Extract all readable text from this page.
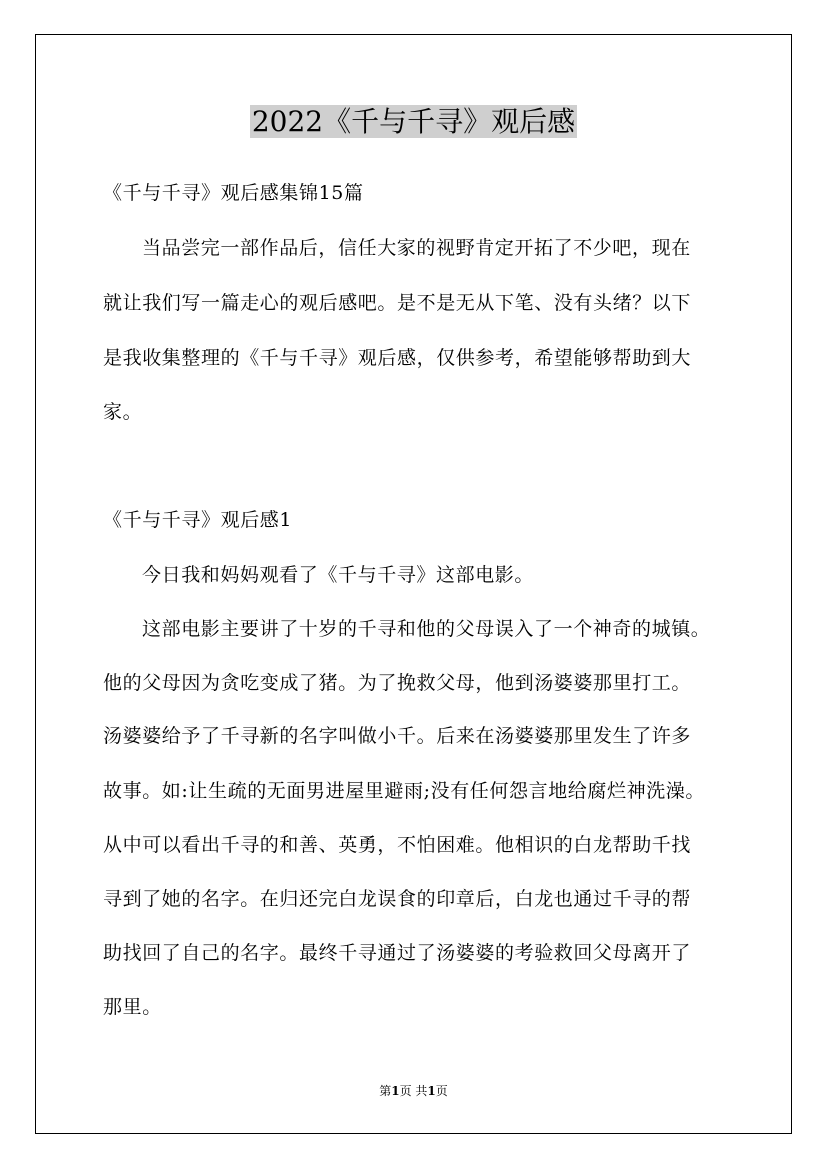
2022《千与千寻》观后感
《千与千寻》观后感集锦15篇
当品尝完一部作品后，信任大家的视野肯定开拓了不少吧，现在
就让我们写一篇走心的观后感吧。是不是无从下笔、没有头绪？以下
是我收集整理的《千与千寻》观后感，仅供参考，希望能够帮助到大
家。
《千与千寻》观后感1
今日我和妈妈观看了《千与千寻》这部电影。
这部电影主要讲了十岁的千寻和他的父母误入了一个神奇的城镇。
他的父母因为贪吃变成了猪。为了挽救父母，他到汤婆婆那里打工。
汤婆婆给予了千寻新的名字叫做小千。后来在汤婆婆那里发生了许多
故事。如:让生疏的无面男进屋里避雨;没有任何怨言地给腐烂神洗澡。
从中可以看出千寻的和善、英勇，不怕困难。他相识的白龙帮助千找
寻到了她的名字。在归还完白龙误食的印章后，白龙也通过千寻的帮
助找回了自己的名字。最终千寻通过了汤婆婆的考验救回父母离开了
那里。
第1页 共1页
